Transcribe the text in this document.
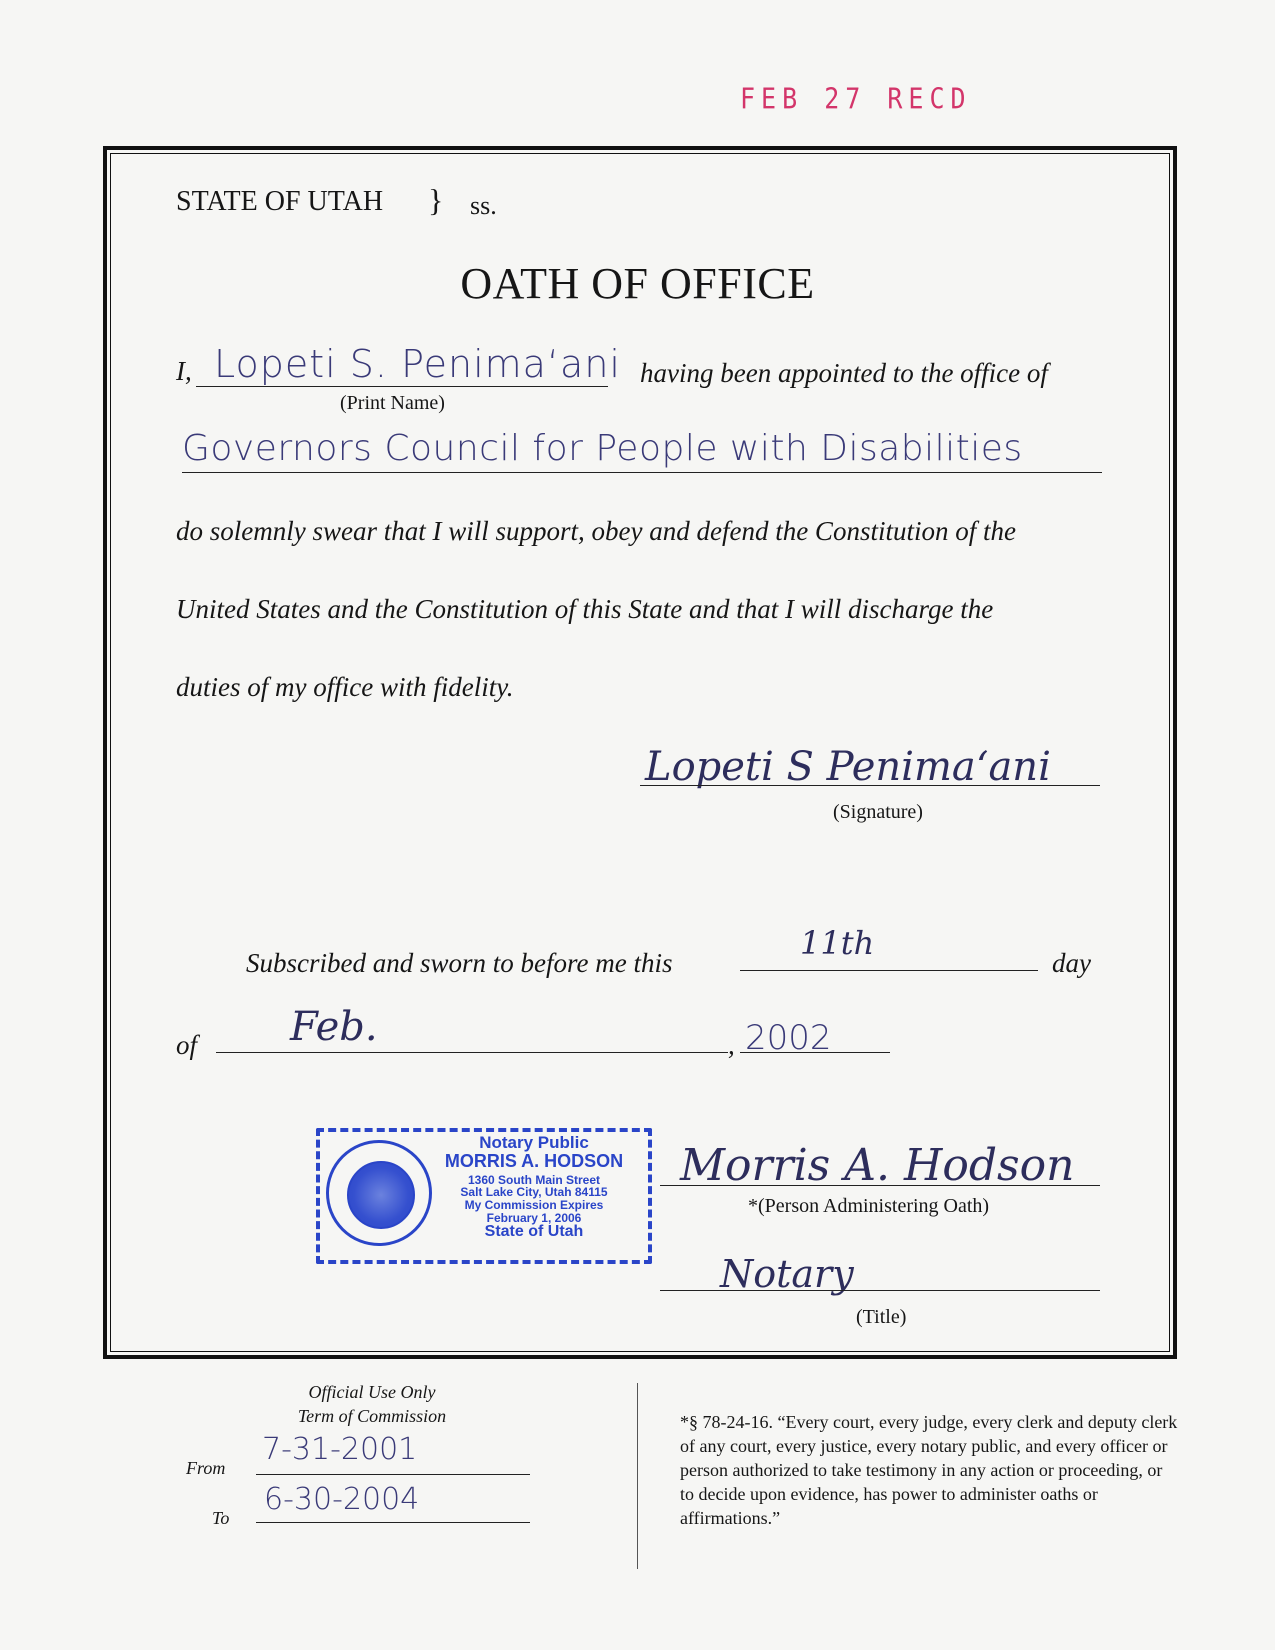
FEB 27 RECD
STATE OF UTAH } ss.
OATH OF OFFICE
I, Lopeti S. Penimaʻani
(Print Name)
having been appointed to the office of
Governors Council for People with Disabilities
do solemnly swear that I will support, obey and defend the Constitution of the
United States and the Constitution of this State and that I will discharge the
duties of my office with fidelity.
Lopeti S Penimaʻani
(Signature)
Subscribed and sworn to before me this
11th
day
of Feb.	, 2002
Notary Public
MORRIS A. HODSON
1360 South Main Street
Salt Lake City, Utah 84115
My Commission Expires
February 1, 2006
State of Utah
Morris A. Hodson
*(Person Administering Oath)
Notary
(Title)
Official Use Only
Term of Commission
From
7-31-2001
To
6-30-2004
*§ 78-24-16. “Every court, every judge, every clerk and deputy clerk of any court, every justice, every notary public, and every officer or person authorized to take testimony in any action or proceeding, or to decide upon evidence, has power to administer oaths or affirmations.”
